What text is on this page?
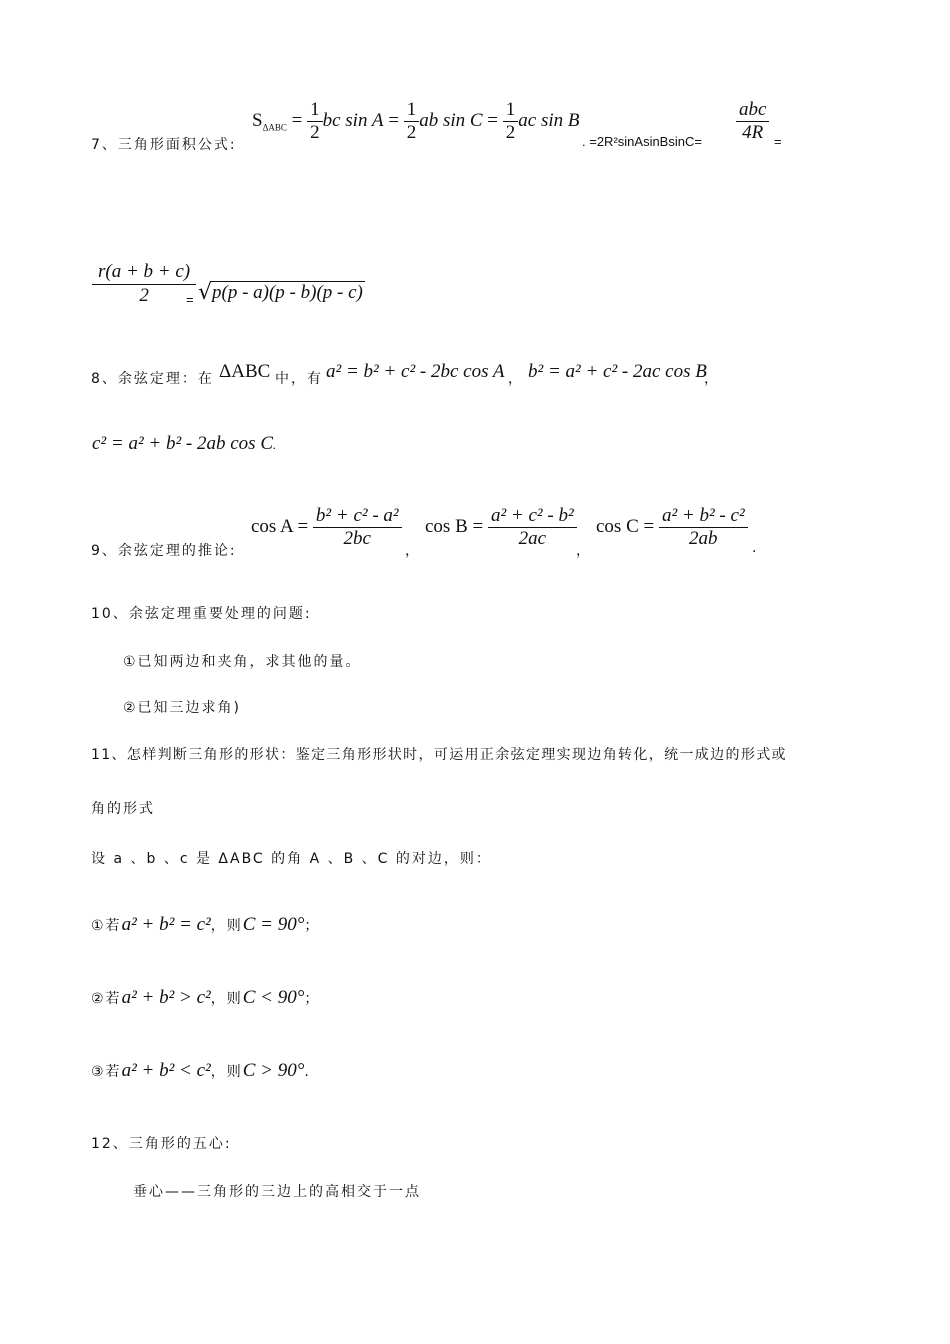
7、三角形面积公式:
$S_{\Delta ABC} = \frac{1}{2}$ bc $\sin A = \frac{1}{2}$ ab $\sin C = \frac{1}{2}$ ac sin B
. =2R²sinAsinBsinC= $\frac{\text{abc}}{4R}$ =
$\frac{r(a + b + c)}{2}$
=
√ p(p - a)(p - b)(p - c)
8、余弦定理：在 ΔABC 中，有 a² = b² + c² - 2bc cos A ， b² = a² + c² - 2ac cos B
，
c² = a² + b² - 2ab cos C.
9、余弦定理的推论:
$\cos A = \frac{\text{b² + c² - a²}}{2bc}$
，
$\cos B = \frac{\text{a² + c² - b²}}{2ac}$
，
$\cos C = \frac{\text{a² + b² - c²}}{2ab}$ .
10、余弦定理重要处理的问题:
①已知两边和夹角，求其他的量。
②已知三边求角)
11、怎样判断三角形的形状：鉴定三角形形状时，可运用正余弦定理实现边角转化，统一成边的形式或
角的形式
设 a 、b 、c 是 ΔABC 的角 A 、B 、C 的对边，则：
①若a² + b² = c²，则C = 90°；
②若a² + b² > c²，则C < 90°；
③若a² + b² < c²，则C > 90°.
12、三角形的五心:
垂心——三角形的三边上的高相交于一点
